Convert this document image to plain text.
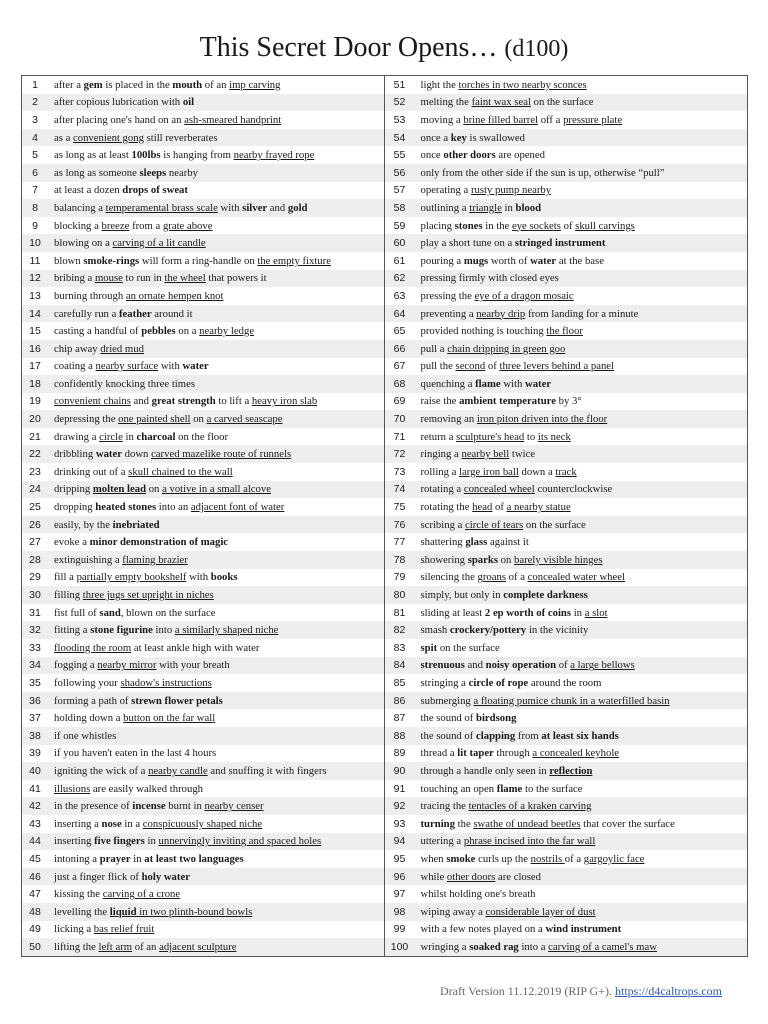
This Secret Door Opens… (d100)
1	after a gem is placed in the mouth of an imp carving
2	after copious lubrication with oil
3	after placing one's hand on an ash-smeared handprint
4	as a convenient gong still reverberates
5	as long as at least 100lbs is hanging from nearby frayed rope
6	as long as someone sleeps nearby
7	at least a dozen drops of sweat
8	balancing a temperamental brass scale with silver and gold
9	blocking a breeze from a grate above
10	blowing on a carving of a lit candle
11	blown smoke-rings will form a ring-handle on the empty fixture
12	bribing a mouse to run in the wheel that powers it
13	burning through an ornate hempen knot
14	carefully run a feather around it
15	casting a handful of pebbles on a nearby ledge
16	chip away dried mud
17	coating a nearby surface with water
18	confidently knocking three times
19	convenient chains and great strength to lift a heavy iron slab
20	depressing the one painted shell on a carved seascape
21	drawing a circle in charcoal on the floor
22	dribbling water down carved mazelike route of runnels
23	drinking out of a skull chained to the wall
24	dripping molten lead on a votive in a small alcove
25	dropping heated stones into an adjacent font of water
26	easily, by the inebriated
27	evoke a minor demonstration of magic
28	extinguishing a flaming brazier
29	fill a partially empty bookshelf with books
30	filling three jugs set upright in niches
31	fist full of sand, blown on the surface
32	fitting a stone figurine into a similarly shaped niche
33	flooding the room at least ankle high with water
34	fogging a nearby mirror with your breath
35	following your shadow's instructions
36	forming a path of strewn flower petals
37	holding down a button on the far wall
38	if one whistles
39	if you haven't eaten in the last 4 hours
40	igniting the wick of a nearby candle and snuffing it with fingers
41	illusions are easily walked through
42	in the presence of incense burnt in nearby censer
43	inserting a nose in a conspicuously shaped niche
44	inserting five fingers in unnervingly inviting and spaced holes
45	intoning a prayer in at least two languages
46	just a finger flick of holy water
47	kissing the carving of a crone
48	levelling the liquid in two plinth-bound bowls
49	licking a bas relief fruit
50	lifting the left arm of an adjacent sculpture
51	light the torches in two nearby sconces
52	melting the faint wax seal on the surface
53	moving a brine filled barrel off a pressure plate
54	once a key is swallowed
55	once other doors are opened
56	only from the other side if the sun is up, otherwise “pull”
57	operating a rusty pump nearby
58	outlining a triangle in blood
59	placing stones in the eye sockets of skull carvings
60	play a short tune on a stringed instrument
61	pouring a mugs worth of water at the base
62	pressing firmly with closed eyes
63	pressing the eye of a dragon mosaic
64	preventing a nearby drip from landing for a minute
65	provided nothing is touching the floor
66	pull a chain dripping in green goo
67	pull the second of three levers behind a panel
68	quenching a flame with water
69	raise the ambient temperature by 3°
70	removing an iron piton driven into the floor
71	return a sculpture's head to its neck
72	ringing a nearby bell twice
73	rolling a large iron ball down a track
74	rotating a concealed wheel counterclockwise
75	rotating the head of a nearby statue
76	scribing a circle of tears on the surface
77	shattering glass against it
78	showering sparks on barely visible hinges
79	silencing the groans of a concealed water wheel
80	simply, but only in complete darkness
81	sliding at least 2 ep worth of coins in a slot
82	smash crockery/pottery in the vicinity
83	spit on the surface
84	strenuous and noisy operation of a large bellows
85	stringing a circle of rope around the room
86	submerging a floating pumice chunk in a waterfilled basin
87	the sound of birdsong
88	the sound of clapping from at least six hands
89	thread a lit taper through a concealed keyhole
90	through a handle only seen in reflection
91	touching an open flame to the surface
92	tracing the tentacles of a kraken carving
93	turning the swathe of undead beetles that cover the surface
94	uttering a phrase incised into the far wall
95	when smoke curls up the nostrils of a gargoylic face
96	while other doors are closed
97	whilst holding one's breath
98	wiping away a considerable layer of dust
99	with a few notes played on a wind instrument
100	wringing a soaked rag into a carving of a camel's maw
Draft Version 11.12.2019 (RIP G+). https://d4caltrops.com
